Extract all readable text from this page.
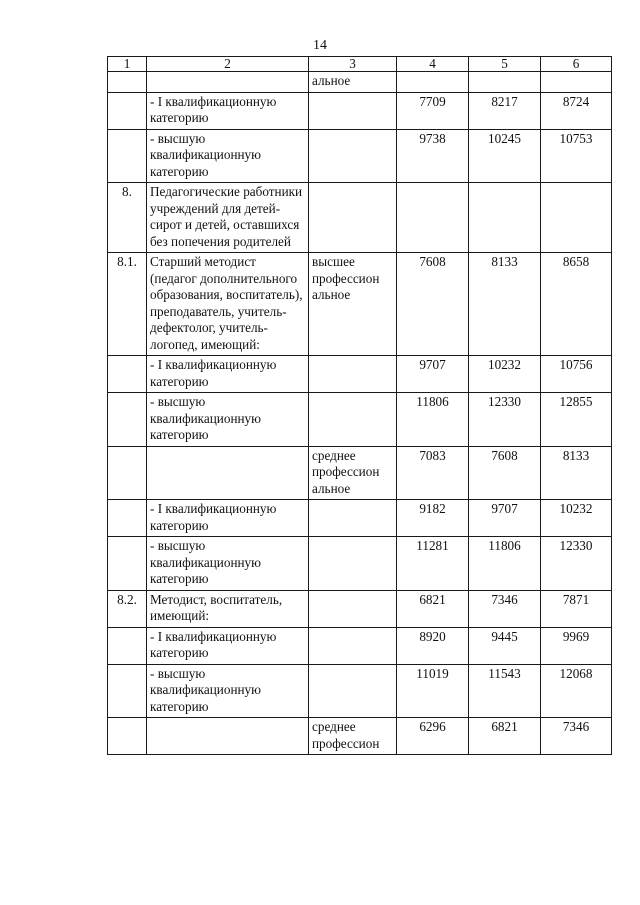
14
1	2	3	4	5	6
		альное			
	- I квалификационную категорию		7709	8217	8724
	- высшую квалификационную категорию		9738	10245	10753
8.	Педагогические работники учреждений для детей-сирот и детей, оставшихся без попечения родителей				
8.1.	Старший методист (педагог дополнительного образования, воспитатель), преподаватель, учитель-дефектолог, учитель-логопед, имеющий:	высшее профессион альное	7608	8133	8658
	- I квалификационную категорию		9707	10232	10756
	- высшую квалификационную категорию		11806	12330	12855
		среднее профессион альное	7083	7608	8133
	- I квалификационную категорию		9182	9707	10232
	- высшую квалификационную категорию		11281	11806	12330
8.2.	Методист, воспитатель, имеющий:		6821	7346	7871
	- I квалификационную категорию		8920	9445	9969
	- высшую квалификационную категорию		11019	11543	12068
		среднее профессион	6296	6821	7346
